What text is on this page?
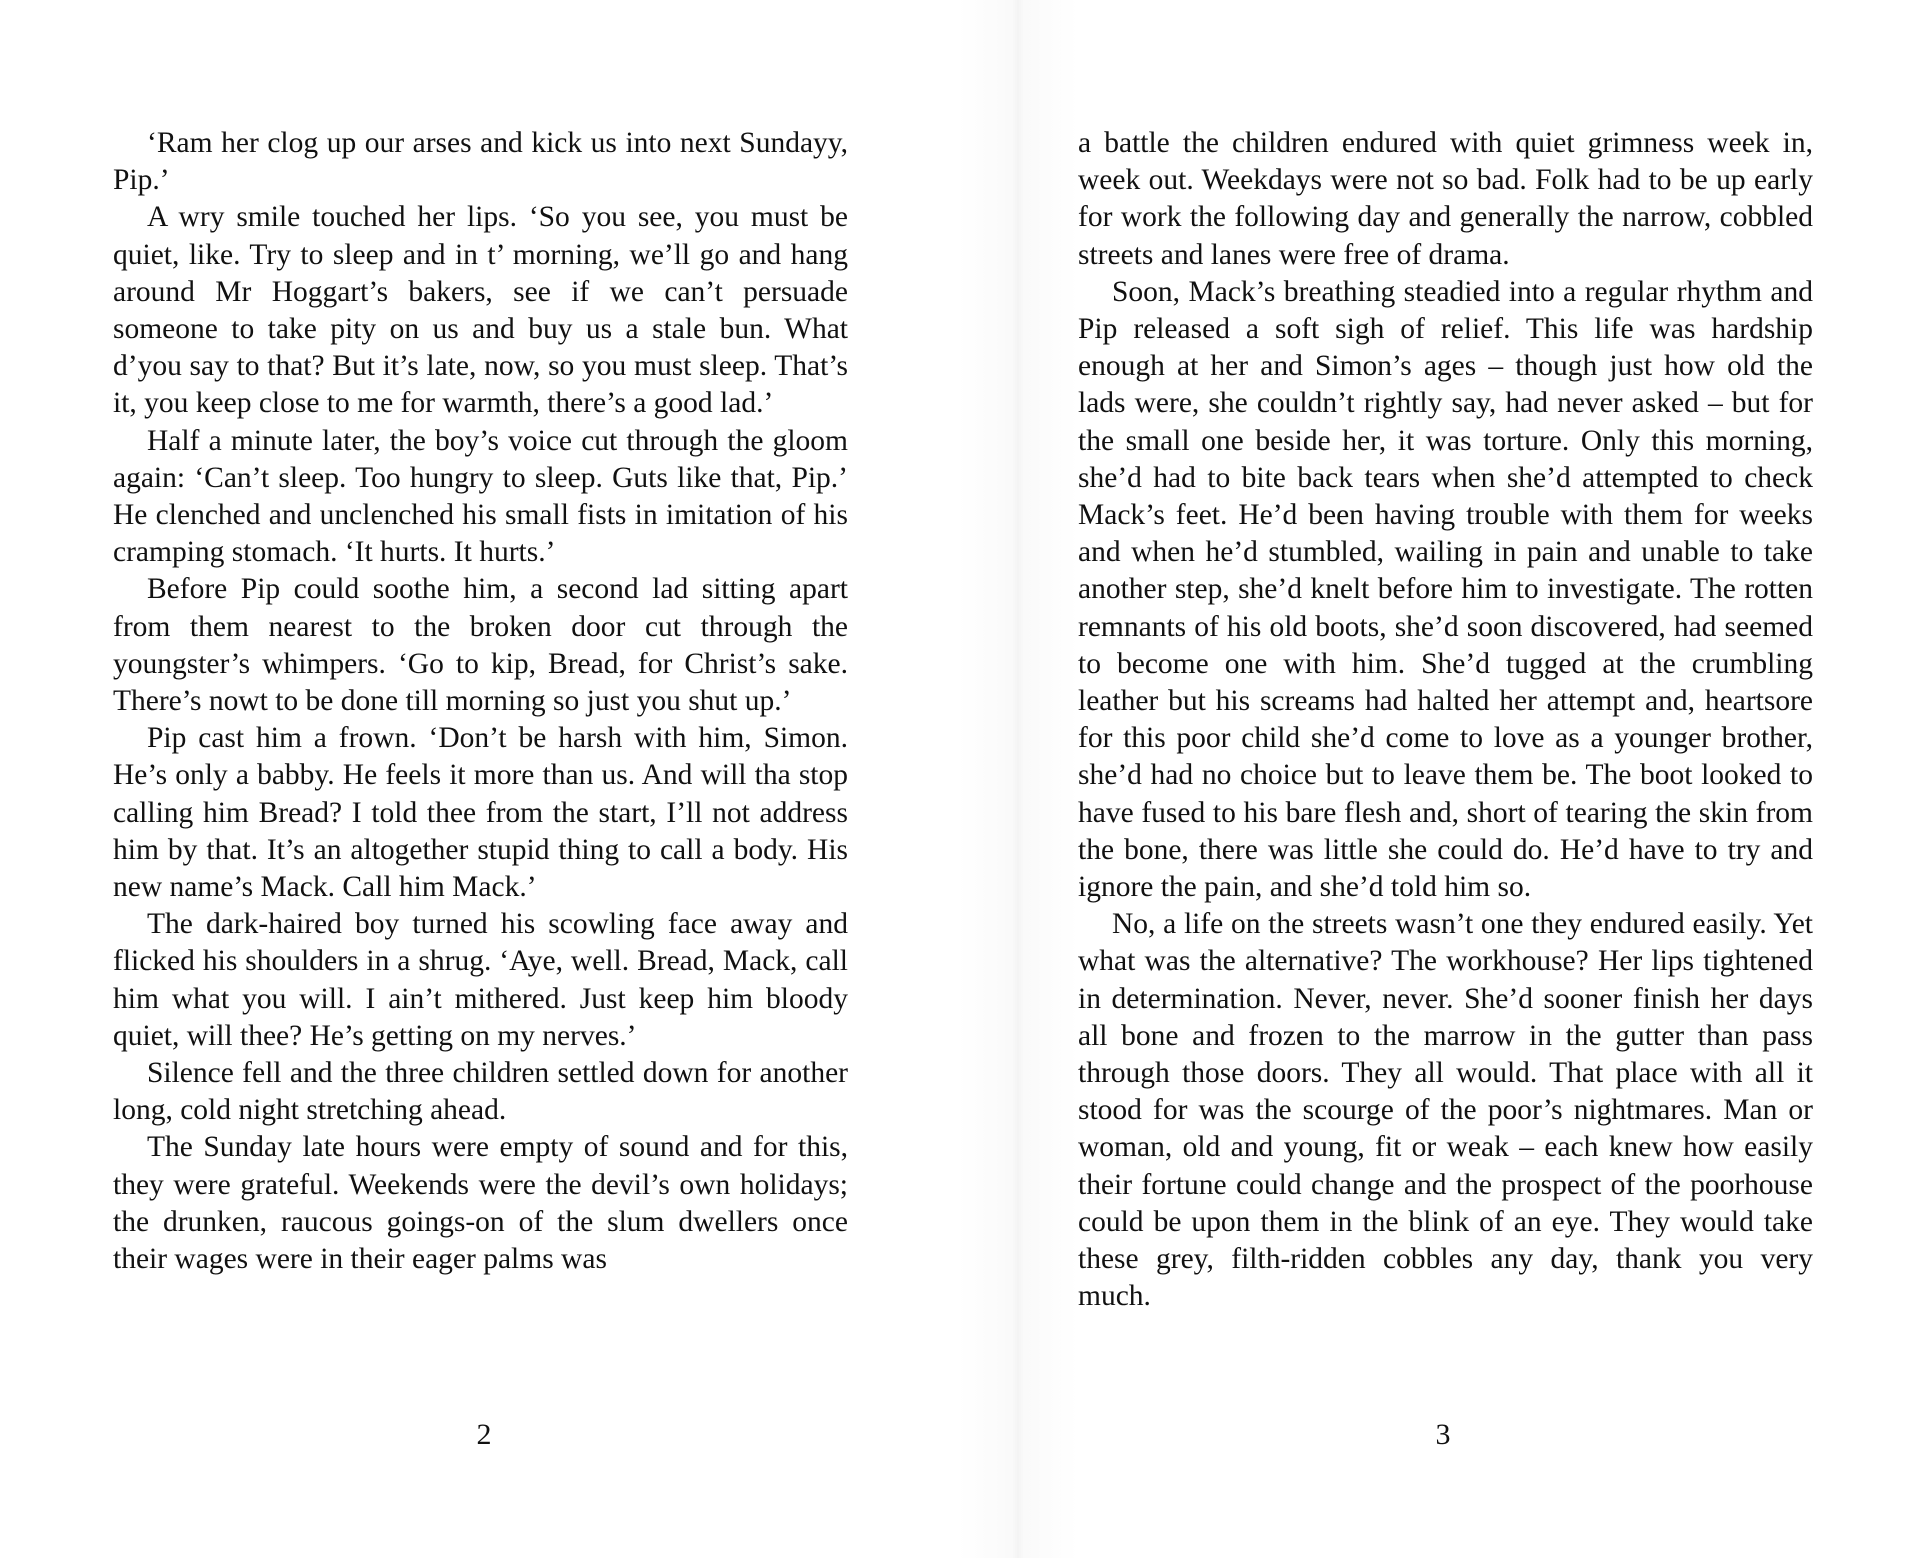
‘Ram her clog up our arses and kick us into next Sundayy, Pip.’

A wry smile touched her lips. ‘So you see, you must be quiet, like. Try to sleep and in t’ morning, we’ll go and hang around Mr Hoggart’s bakers, see if we can’t persuade someone to take pity on us and buy us a stale bun. What d’you say to that? But it’s late, now, so you must sleep. That’s it, you keep close to me for warmth, there’s a good lad.’

Half a minute later, the boy’s voice cut through the gloom again: ‘Can’t sleep. Too hungry to sleep. Guts like that, Pip.’ He clenched and unclenched his small fists in imitation of his cramping stomach. ‘It hurts. It hurts.’

Before Pip could soothe him, a second lad sitting apart from them nearest to the broken door cut through the youngster’s whimpers. ‘Go to kip, Bread, for Christ’s sake. There’s nowt to be done till morning so just you shut up.’

Pip cast him a frown. ‘Don’t be harsh with him, Simon. He’s only a babby. He feels it more than us. And will tha stop calling him Bread? I told thee from the start, I’ll not address him by that. It’s an altogether stupid thing to call a body. His new name’s Mack. Call him Mack.’

The dark-haired boy turned his scowling face away and flicked his shoulders in a shrug. ‘Aye, well. Bread, Mack, call him what you will. I ain’t mithered. Just keep him bloody quiet, will thee? He’s getting on my nerves.’

Silence fell and the three children settled down for another long, cold night stretching ahead.

The Sunday late hours were empty of sound and for this, they were grateful. Weekends were the devil’s own holidays; the drunken, raucous goings-on of the slum dwellers once their wages were in their eager palms was

2

a battle the children endured with quiet grimness week in, week out. Weekdays were not so bad. Folk had to be up early for work the following day and generally the narrow, cobbled streets and lanes were free of drama.

Soon, Mack’s breathing steadied into a regular rhythm and Pip released a soft sigh of relief. This life was hardship enough at her and Simon’s ages – though just how old the lads were, she couldn’t rightly say, had never asked – but for the small one beside her, it was torture. Only this morning, she’d had to bite back tears when she’d attempted to check Mack’s feet. He’d been having trouble with them for weeks and when he’d stumbled, wailing in pain and unable to take another step, she’d knelt before him to investigate. The rotten remnants of his old boots, she’d soon discovered, had seemed to become one with him. She’d tugged at the crumbling leather but his screams had halted her attempt and, heartsore for this poor child she’d come to love as a younger brother, she’d had no choice but to leave them be. The boot looked to have fused to his bare flesh and, short of tearing the skin from the bone, there was little she could do. He’d have to try and ignore the pain, and she’d told him so.

No, a life on the streets wasn’t one they endured easily. Yet what was the alternative? The workhouse? Her lips tightened in determination. Never, never. She’d sooner finish her days all bone and frozen to the marrow in the gutter than pass through those doors. They all would. That place with all it stood for was the scourge of the poor’s nightmares. Man or woman, old and young, fit or weak – each knew how easily their fortune could change and the prospect of the poorhouse could be upon them in the blink of an eye. They would take these grey, filth-ridden cobbles any day, thank you very much.

3
